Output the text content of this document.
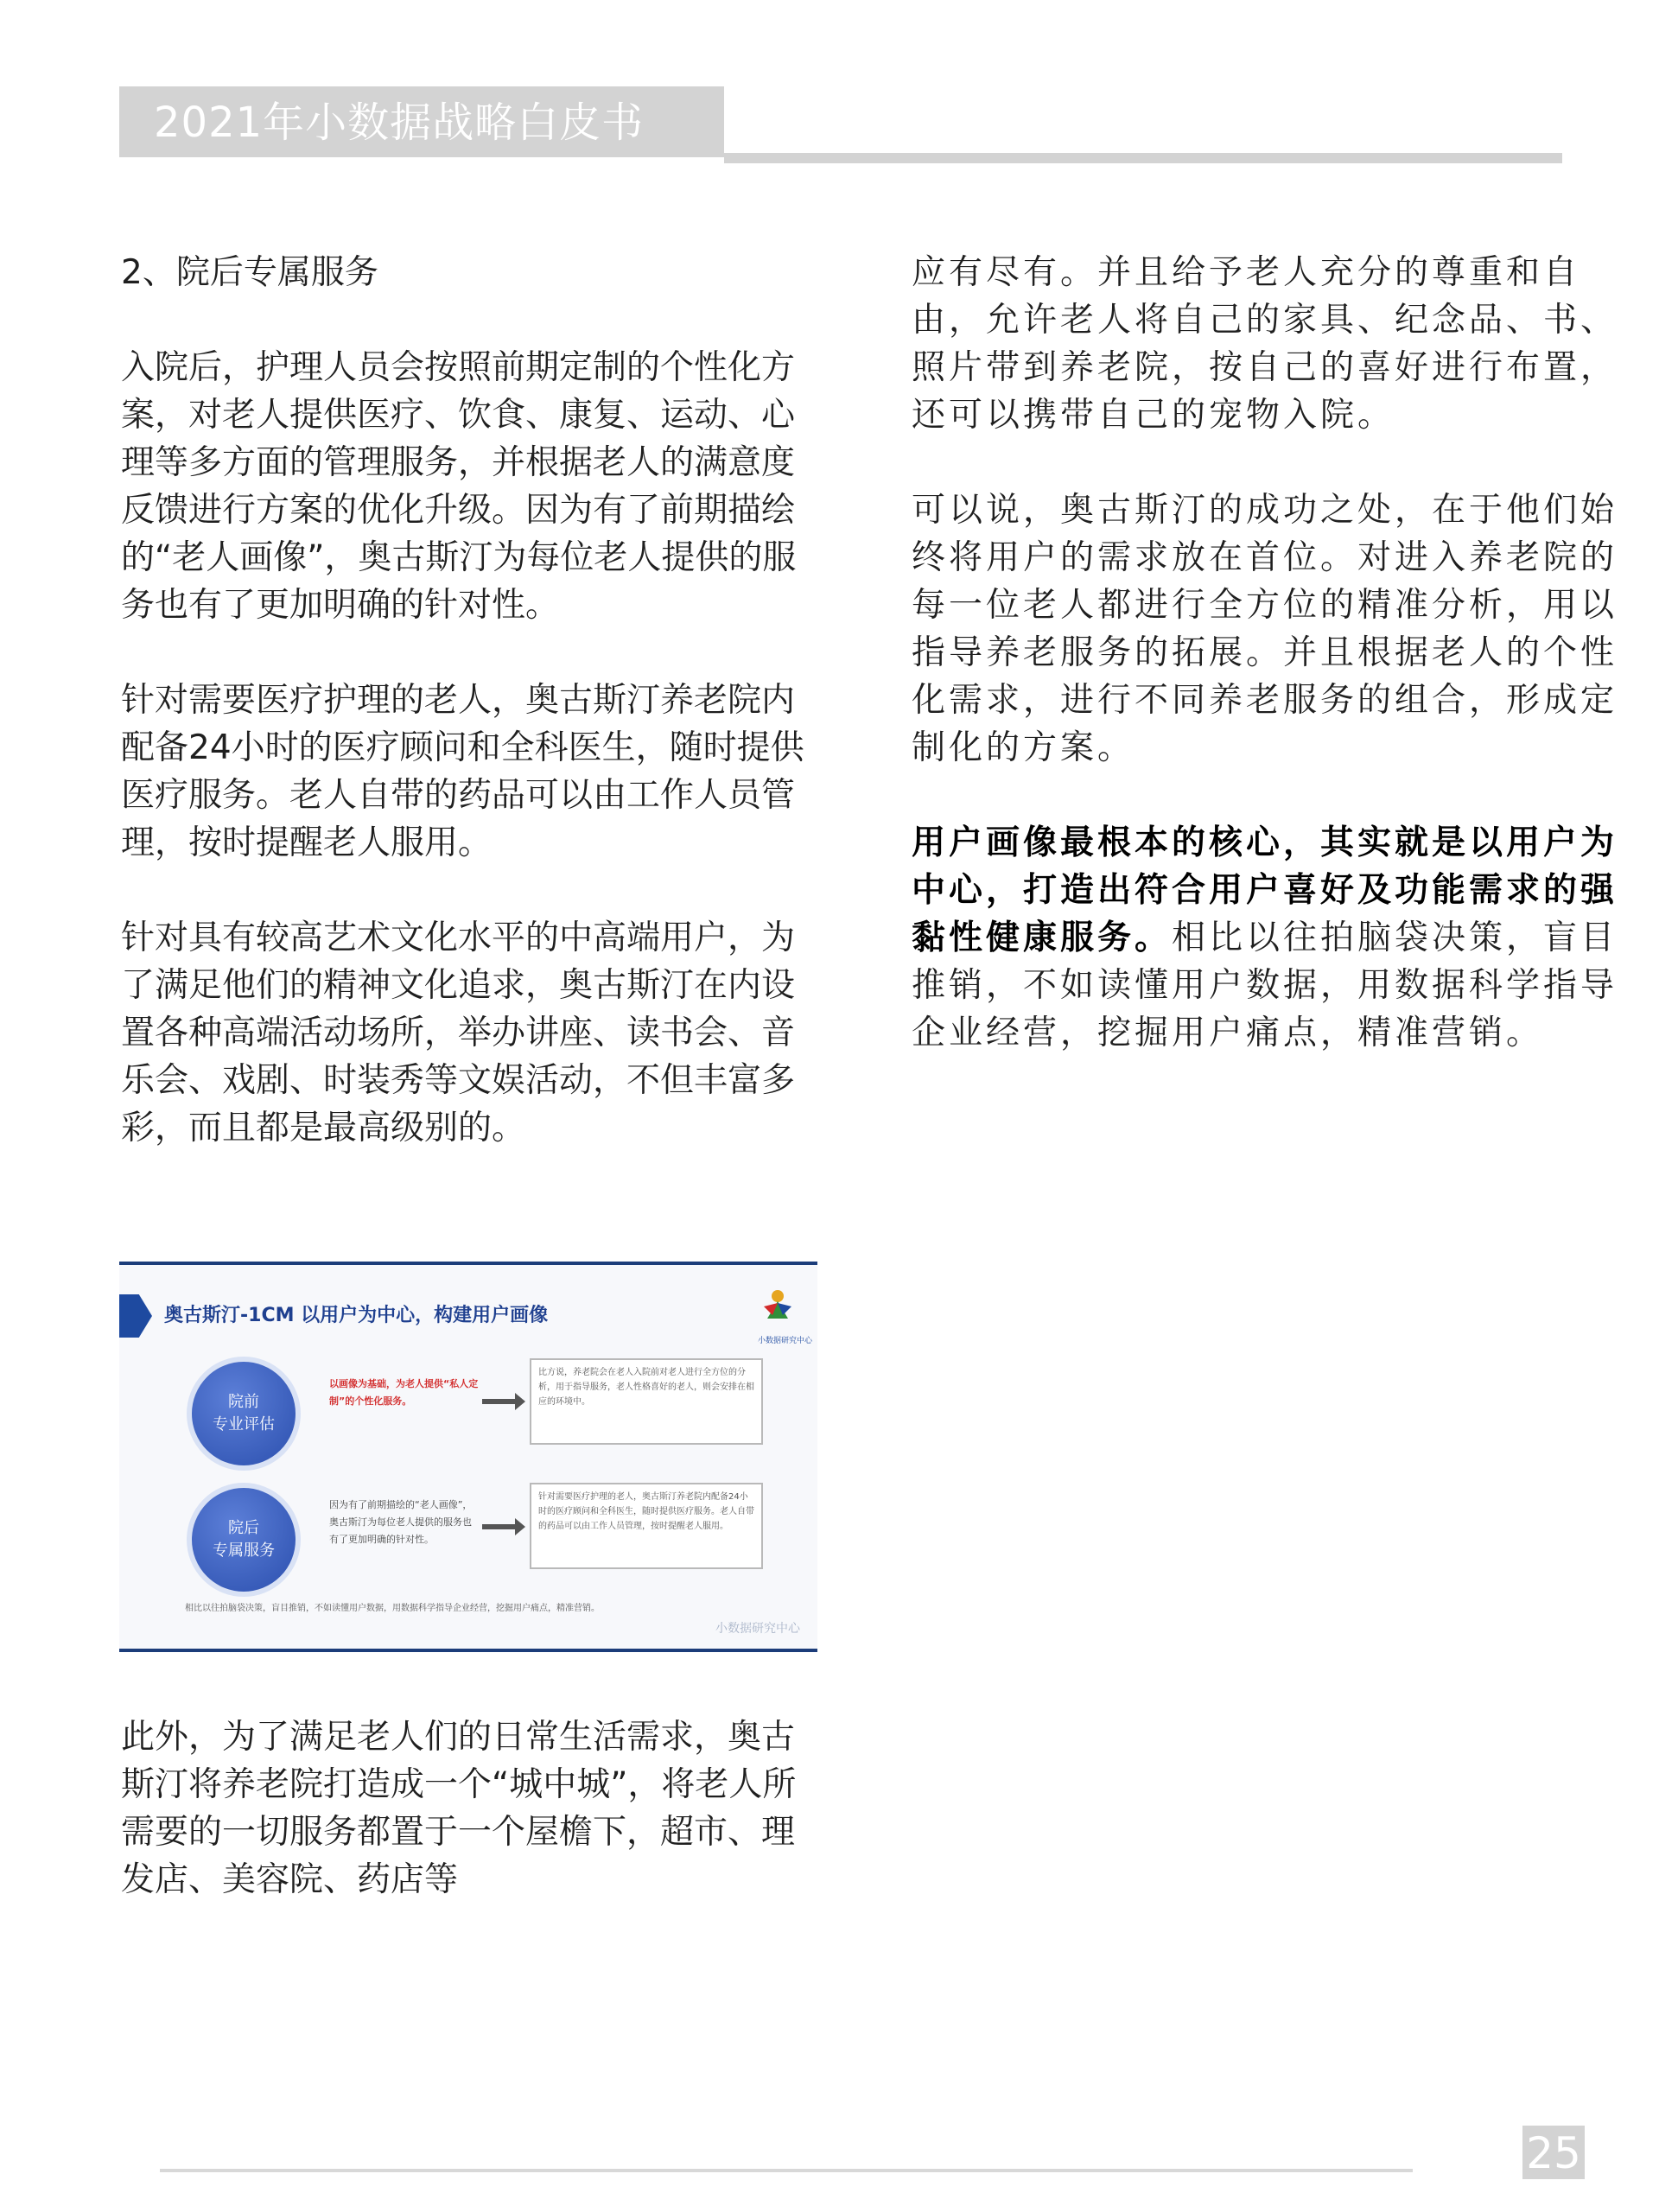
2021年小数据战略白皮书
2、院后专属服务

入院后，护理人员会按照前期定制的个性化方案，对老人提供医疗、饮食、康复、运动、心理等多方面的管理服务，并根据老人的满意度反馈进行方案的优化升级。因为有了前期描绘的“老人画像”，奥古斯汀为每位老人提供的服务也有了更加明确的针对性。

针对需要医疗护理的老人，奥古斯汀养老院内配备24小时的医疗顾问和全科医生，随时提供医疗服务。老人自带的药品可以由工作人员管理，按时提醒老人服用。

针对具有较高艺术文化水平的中高端用户，为了满足他们的精神文化追求，奥古斯汀在内设置各种高端活动场所，举办讲座、读书会、音乐会、戏剧、时装秀等文娱活动，不但丰富多彩，而且都是最高级别的。

奥古斯汀-1CM 以用户为中心，构建用户画像
小数据研究中心
院前
专业评估
以画像为基础，为老人提供“私人定制”的个性化服务。
比方说，养老院会在老人入院前对老人进行全方位的分析，用于指导服务，老人性格喜好的老人，则会安排在相应的环境中。
院后
专属服务
因为有了前期描绘的“老人画像”，奥古斯汀为每位老人提供的服务也有了更加明确的针对性。
针对需要医疗护理的老人，奥古斯汀养老院内配备24小时的医疗顾问和全科医生，随时提供医疗服务。老人自带的药品可以由工作人员管理，按时提醒老人服用。
相比以往拍脑袋决策，盲目推销，不如读懂用户数据，用数据科学指导企业经营，挖掘用户痛点，精准营销。
小数据研究中心

此外，为了满足老人们的日常生活需求，奥古斯汀将养老院打造成一个“城中城”，将老人所需要的一切服务都置于一个屋檐下，超市、理发店、美容院、药店等

应有尽有。并且给予老人充分的尊重和自由，允许老人将自己的家具、纪念品、书、照片带到养老院，按自己的喜好进行布置，还可以携带自己的宠物入院。

可以说，奥古斯汀的成功之处，在于他们始终将用户的需求放在首位。对进入养老院的每一位老人都进行全方位的精准分析，用以指导养老服务的拓展。并且根据老人的个性化需求，进行不同养老服务的组合，形成定制化的方案。

用户画像最根本的核心，其实就是以用户为中心，打造出符合用户喜好及功能需求的强黏性健康服务。相比以往拍脑袋决策，盲目推销，不如读懂用户数据，用数据科学指导企业经营，挖掘用户痛点，精准营销。

25
